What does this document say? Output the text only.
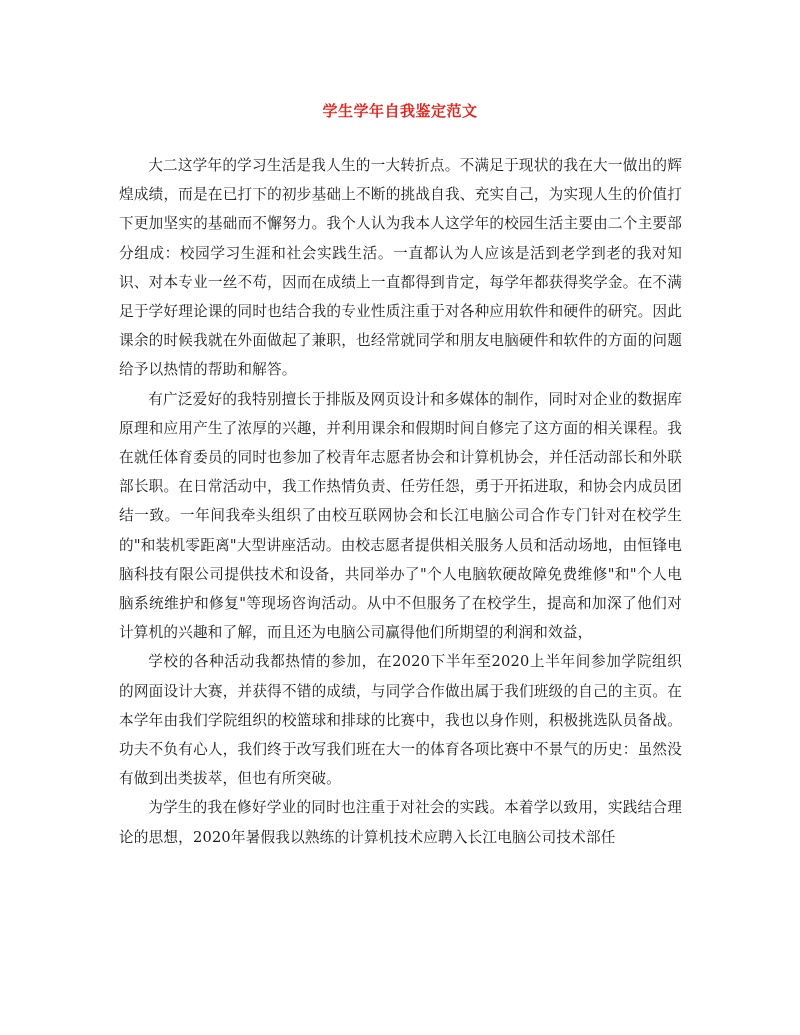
学生学年自我鉴定范文

大二这学年的学习生活是我人生的一大转折点。不满足于现状的我在大一做出的辉煌成绩，而是在已打下的初步基础上不断的挑战自我、充实自己，为实现人生的价值打下更加坚实的基础而不懈努力。我个人认为我本人这学年的校园生活主要由二个主要部分组成：校园学习生涯和社会实践生活。一直都认为人应该是活到老学到老的我对知识、对本专业一丝不苟，因而在成绩上一直都得到肯定，每学年都获得奖学金。在不满足于学好理论课的同时也结合我的专业性质注重于对各种应用软件和硬件的研究。因此课余的时候我就在外面做起了兼职，也经常就同学和朋友电脑硬件和软件的方面的问题给予以热情的帮助和解答。

有广泛爱好的我特别擅长于排版及网页设计和多媒体的制作，同时对企业的数据库原理和应用产生了浓厚的兴趣，并利用课余和假期时间自修完了这方面的相关课程。我在就任体育委员的同时也参加了校青年志愿者协会和计算机协会，并任活动部长和外联部长职。在日常活动中，我工作热情负责、任劳任怨，勇于开拓进取，和协会内成员团结一致。一年间我牵头组织了由校互联网协会和长江电脑公司合作专门针对在校学生的"和装机零距离"大型讲座活动。由校志愿者提供相关服务人员和活动场地，由恒锋电脑科技有限公司提供技术和设备，共同举办了"个人电脑软硬故障免费维修"和"个人电脑系统维护和修复"等现场咨询活动。从中不但服务了在校学生，提高和加深了他们对计算机的兴趣和了解，而且还为电脑公司赢得他们所期望的利润和效益，

学校的各种活动我都热情的参加，在2020下半年至2020上半年间参加学院组织的网面设计大赛，并获得不错的成绩，与同学合作做出属于我们班级的自己的主页。在本学年由我们学院组织的校篮球和排球的比赛中，我也以身作则，积极挑选队员备战。功夫不负有心人，我们终于改写我们班在大一的体育各项比赛中不景气的历史：虽然没有做到出类拔萃，但也有所突破。

为学生的我在修好学业的同时也注重于对社会的实践。本着学以致用，实践结合理论的思想，2020年暑假我以熟练的计算机技术应聘入长江电脑公司技术部任
